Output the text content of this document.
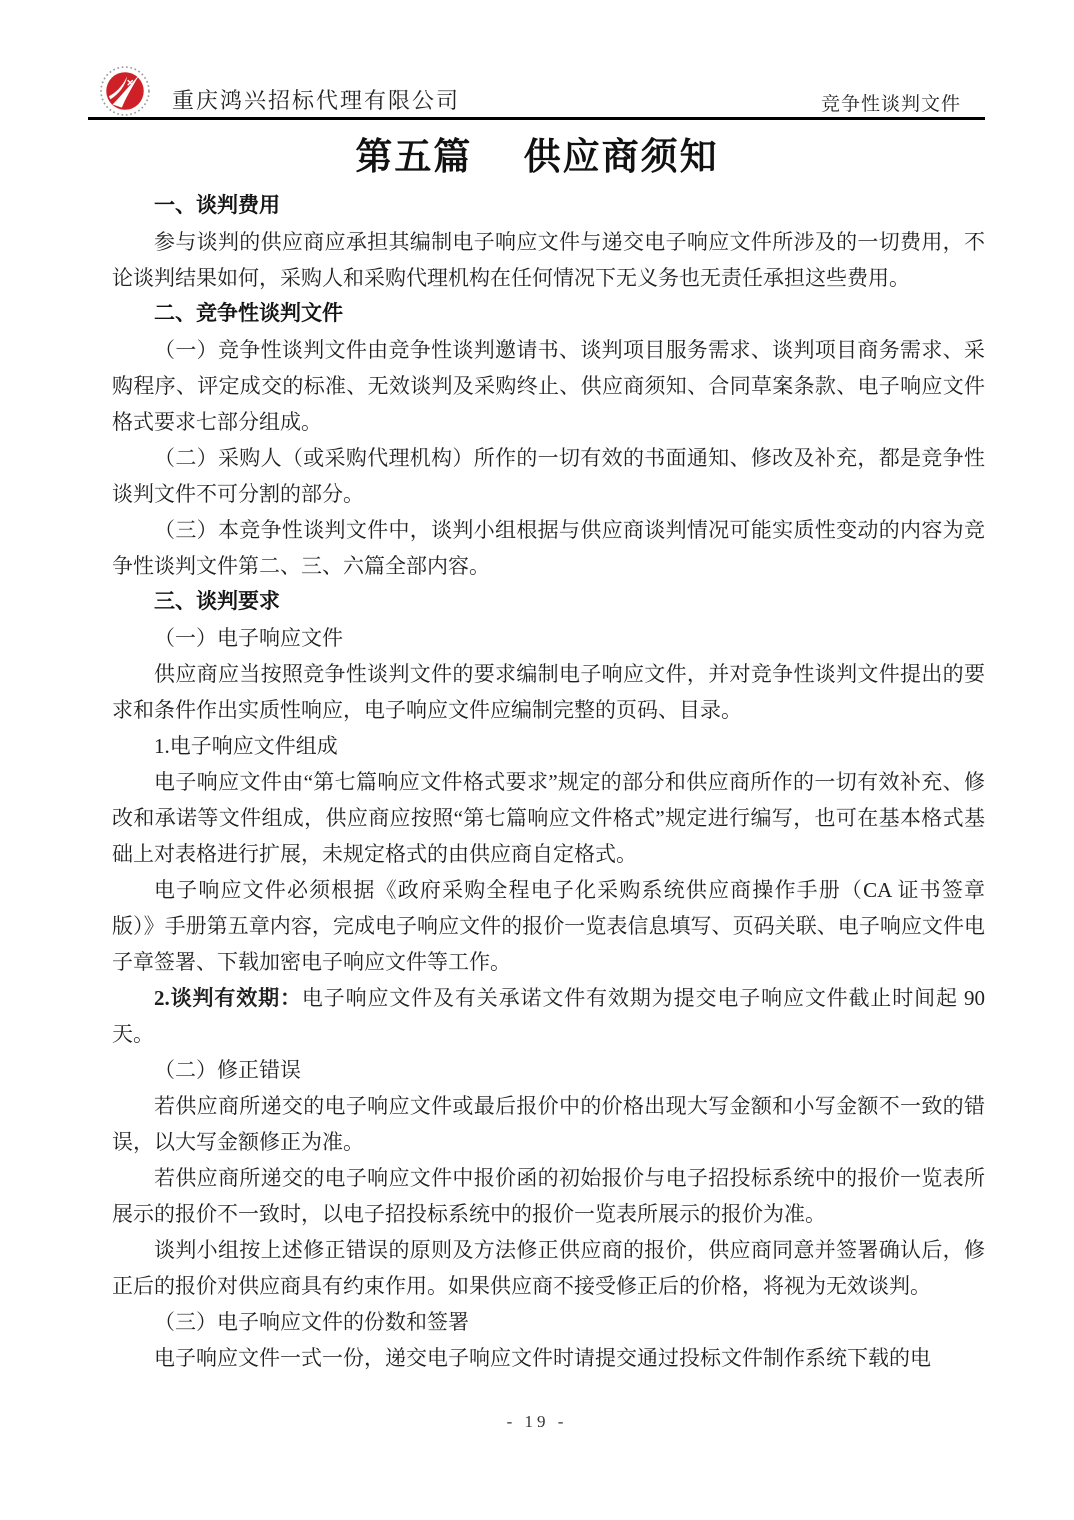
重庆鸿兴招标代理有限公司	竞争性谈判文件
第五篇　 供应商须知
一、谈判费用
参与谈判的供应商应承担其编制电子响应文件与递交电子响应文件所涉及的一切费用，不论谈判结果如何，采购人和采购代理机构在任何情况下无义务也无责任承担这些费用。
二、竞争性谈判文件
（一）竞争性谈判文件由竞争性谈判邀请书、谈判项目服务需求、谈判项目商务需求、采购程序、评定成交的标准、无效谈判及采购终止、供应商须知、合同草案条款、电子响应文件格式要求七部分组成。
（二）采购人（或采购代理机构）所作的一切有效的书面通知、修改及补充，都是竞争性谈判文件不可分割的部分。
（三）本竞争性谈判文件中，谈判小组根据与供应商谈判情况可能实质性变动的内容为竞争性谈判文件第二、三、六篇全部内容。
三、谈判要求
（一）电子响应文件
供应商应当按照竞争性谈判文件的要求编制电子响应文件，并对竞争性谈判文件提出的要求和条件作出实质性响应，电子响应文件应编制完整的页码、目录。
1.电子响应文件组成
电子响应文件由“第七篇响应文件格式要求”规定的部分和供应商所作的一切有效补充、修改和承诺等文件组成，供应商应按照“第七篇响应文件格式”规定进行编写，也可在基本格式基础上对表格进行扩展，未规定格式的由供应商自定格式。
电子响应文件必须根据《政府采购全程电子化采购系统供应商操作手册（CA 证书签章版）》手册第五章内容，完成电子响应文件的报价一览表信息填写、页码关联、电子响应文件电子章签署、下载加密电子响应文件等工作。
2.谈判有效期：电子响应文件及有关承诺文件有效期为提交电子响应文件截止时间起 90 天。
（二）修正错误
若供应商所递交的电子响应文件或最后报价中的价格出现大写金额和小写金额不一致的错误，以大写金额修正为准。
若供应商所递交的电子响应文件中报价函的初始报价与电子招投标系统中的报价一览表所展示的报价不一致时，以电子招投标系统中的报价一览表所展示的报价为准。
谈判小组按上述修正错误的原则及方法修正供应商的报价，供应商同意并签署确认后，修正后的报价对供应商具有约束作用。如果供应商不接受修正后的价格，将视为无效谈判。
（三）电子响应文件的份数和签署
电子响应文件一式一份，递交电子响应文件时请提交通过投标文件制作系统下载的电
- 19 -
